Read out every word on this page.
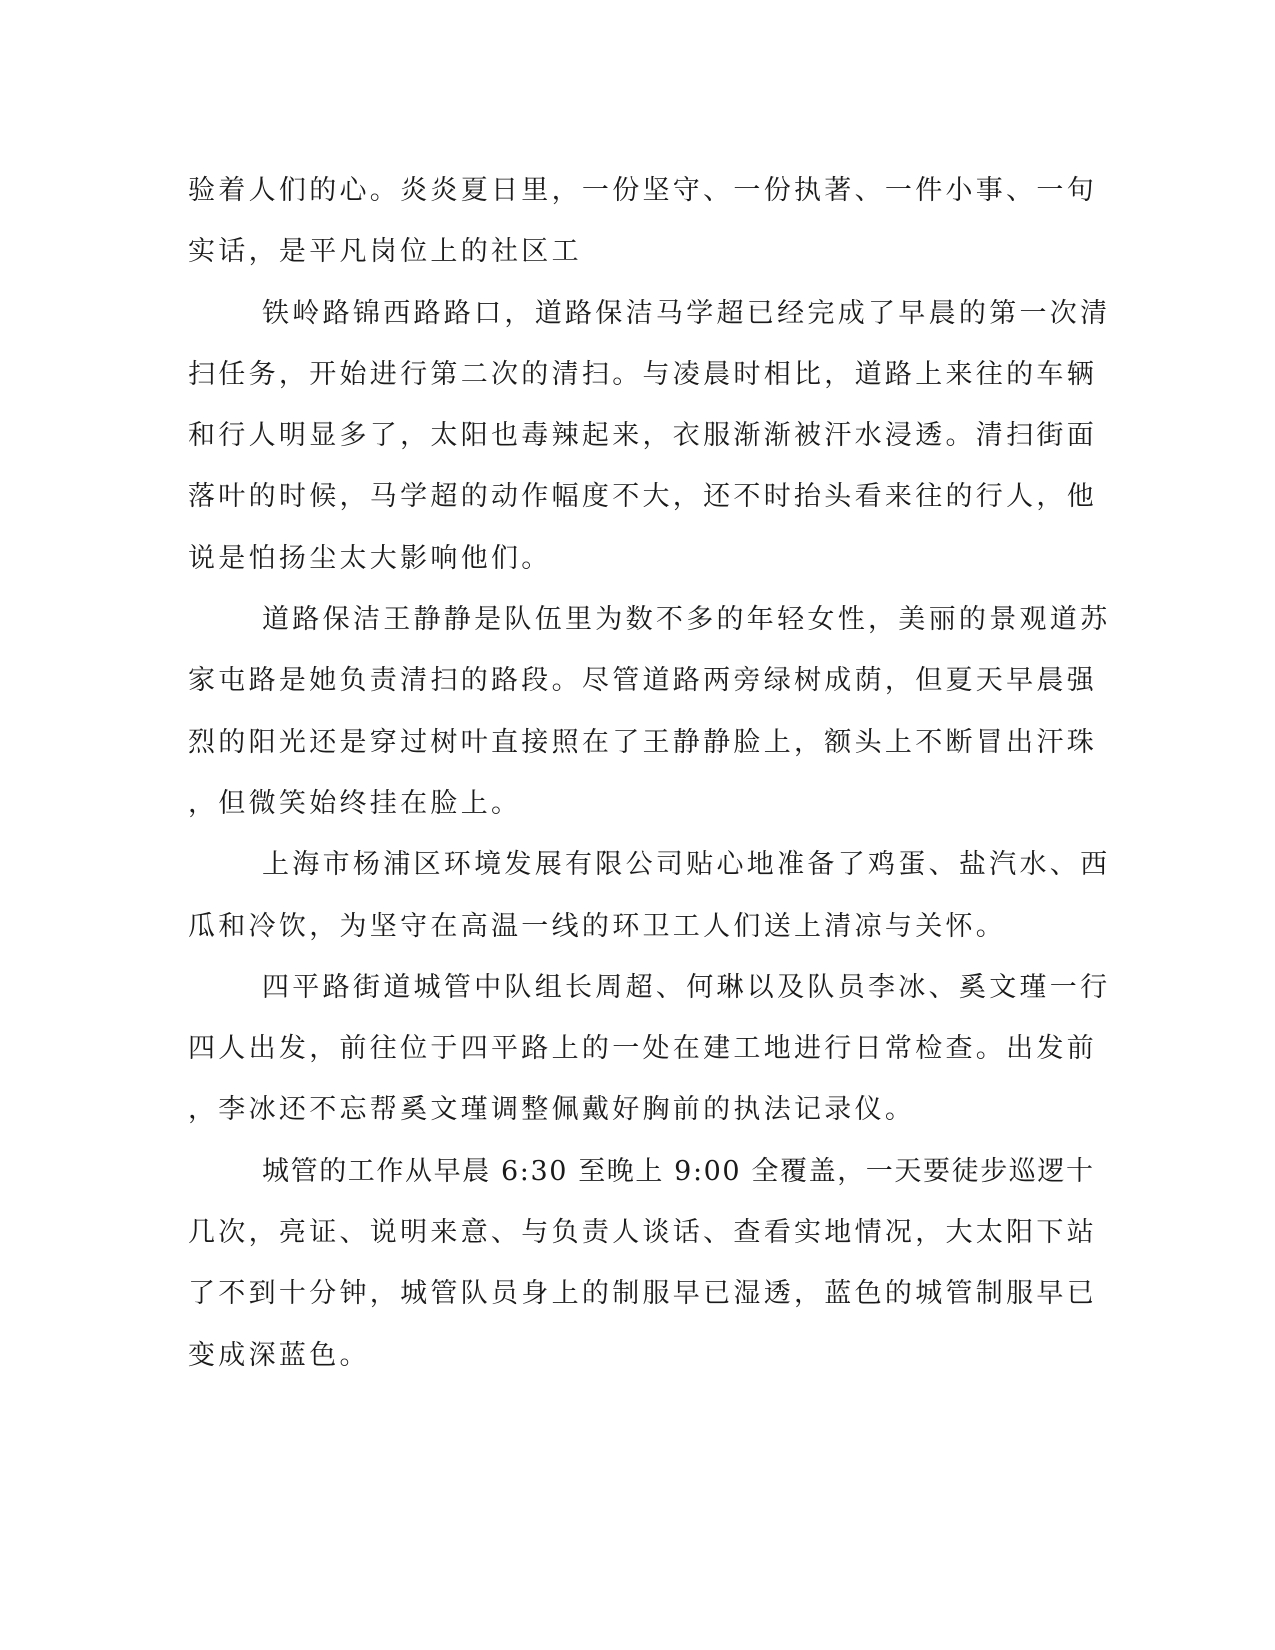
验着人们的心。炎炎夏日里，一份坚守、一份执著、一件小事、一句
实话，是平凡岗位上的社区工
铁岭路锦西路路口，道路保洁马学超已经完成了早晨的第一次清
扫任务，开始进行第二次的清扫。与凌晨时相比，道路上来往的车辆
和行人明显多了，太阳也毒辣起来，衣服渐渐被汗水浸透。清扫街面
落叶的时候，马学超的动作幅度不大，还不时抬头看来往的行人，他
说是怕扬尘太大影响他们。
道路保洁王静静是队伍里为数不多的年轻女性，美丽的景观道苏
家屯路是她负责清扫的路段。尽管道路两旁绿树成荫，但夏天早晨强
烈的阳光还是穿过树叶直接照在了王静静脸上，额头上不断冒出汗珠
，但微笑始终挂在脸上。
上海市杨浦区环境发展有限公司贴心地准备了鸡蛋、盐汽水、西
瓜和冷饮，为坚守在高温一线的环卫工人们送上清凉与关怀。
四平路街道城管中队组长周超、何琳以及队员李冰、奚文瑾一行
四人出发，前往位于四平路上的一处在建工地进行日常检查。出发前
，李冰还不忘帮奚文瑾调整佩戴好胸前的执法记录仪。
城管的工作从早晨 6:30 至晚上 9:00 全覆盖，一天要徒步巡逻十
几次，亮证、说明来意、与负责人谈话、查看实地情况，大太阳下站
了不到十分钟，城管队员身上的制服早已湿透，蓝色的城管制服早已
变成深蓝色。
